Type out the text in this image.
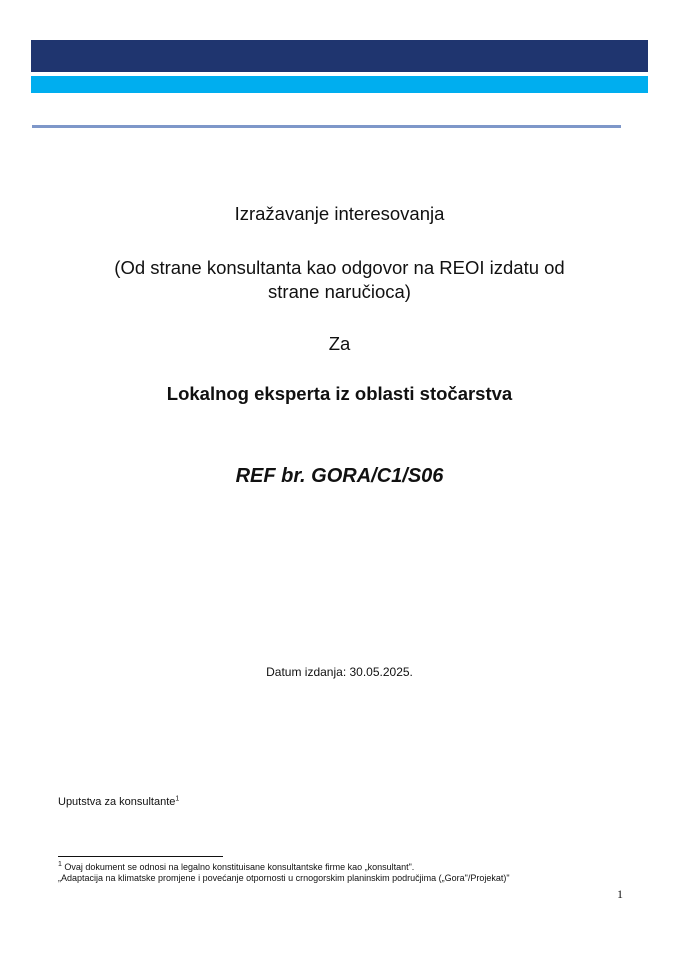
Izražavanje interesovanja
(Od strane konsultanta kao odgovor na REOI izdatu od
strane naručioca)
Za
Lokalnog eksperta iz oblasti stočarstva
REF br. GORA/C1/S06
Datum izdanja: 30.05.2025.
Uputstva za konsultante$^1$
$^1$ Ovaj dokument se odnosi na legalno konstituisane konsultantske firme kao „konsultant".
„Adaptacija na klimatske promjene i povećanje otpornosti u crnogorskim planinskim područjima („Gora"/Projekat)"
1
